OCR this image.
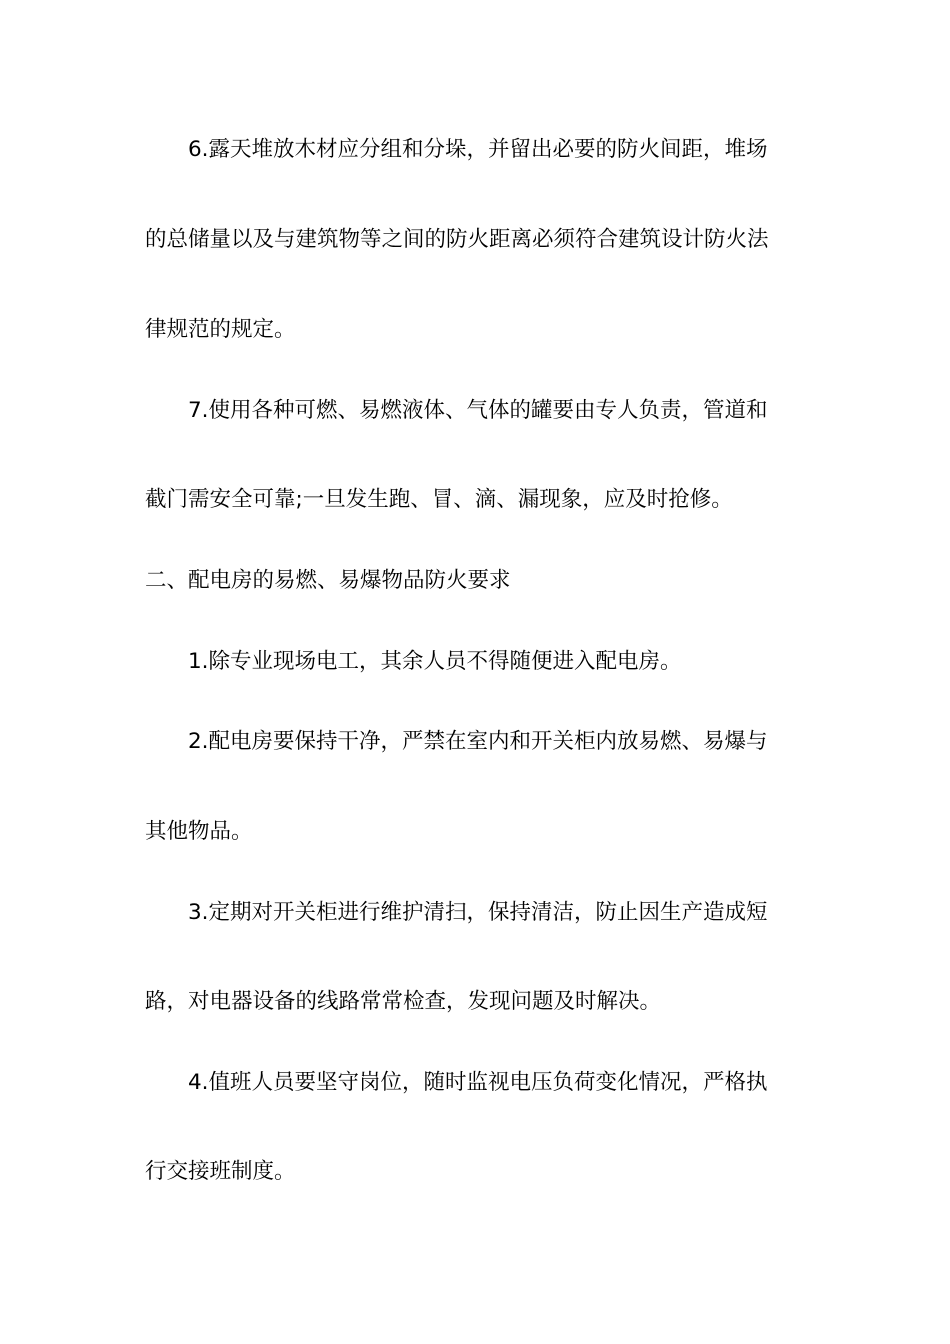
6.露天堆放木材应分组和分垛，并留出必要的防火间距，堆场
的总储量以及与建筑物等之间的防火距离必须符合建筑设计防火法
律规范的规定。
7.使用各种可燃、易燃液体、气体的罐要由专人负责，管道和
截门需安全可靠;一旦发生跑、冒、滴、漏现象，应及时抢修。
二、配电房的易燃、易爆物品防火要求
1.除专业现场电工，其余人员不得随便进入配电房。
2.配电房要保持干净，严禁在室内和开关柜内放易燃、易爆与
其他物品。
3.定期对开关柜进行维护清扫，保持清洁，防止因生产造成短
路，对电器设备的线路常常检查，发现问题及时解决。
4.值班人员要坚守岗位，随时监视电压负荷变化情况，严格执
行交接班制度。
